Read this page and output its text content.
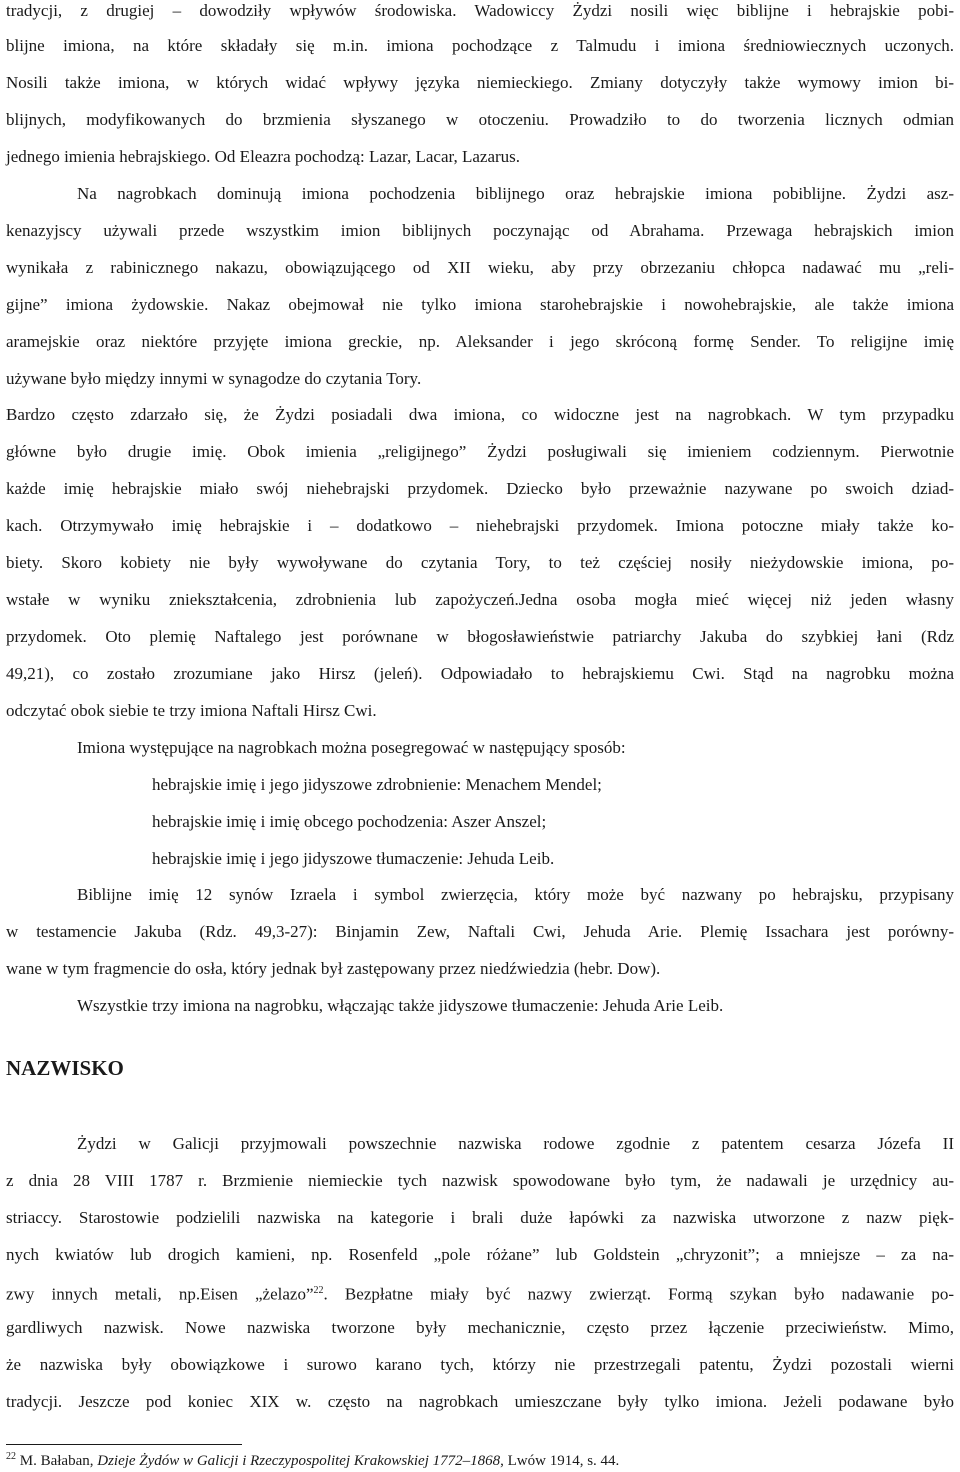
tradycji, z drugiej – dowodziły wpływów środowiska. Wadowiccy Żydzi nosili więc biblijne i hebrajskie pobi-
blijne imiona, na które składały się m.in. imiona pochodzące z Talmudu i imiona średniowiecznych uczonych.
Nosili także imiona, w których widać wpływy języka niemieckiego. Zmiany dotyczyły także wymowy imion bi-
blijnych, modyfikowanych do brzmienia słyszanego w otoczeniu. Prowadziło to do tworzenia licznych odmian
jednego imienia hebrajskiego. Od Eleazra pochodzą: Lazar, Lacar, Lazarus.
Na nagrobkach dominują imiona pochodzenia biblijnego oraz hebrajskie imiona pobiblijne. Żydzi asz-
kenazyjscy używali przede wszystkim imion biblijnych poczynając od Abrahama. Przewaga hebrajskich imion
wynikała z rabinicznego nakazu, obowiązującego od XII wieku, aby przy obrzezaniu chłopca nadawać mu „reli-
gijne” imiona żydowskie. Nakaz obejmował nie tylko imiona starohebrajskie i nowohebrajskie, ale także imiona
aramejskie oraz niektóre przyjęte imiona greckie, np. Aleksander i jego skróconą formę Sender. To religijne imię
używane było między innymi w synagodze do czytania Tory.
Bardzo często zdarzało się, że Żydzi posiadali dwa imiona, co widoczne jest na nagrobkach. W tym przypadku
główne było drugie imię. Obok imienia „religijnego” Żydzi posługiwali się imieniem codziennym. Pierwotnie
każde imię hebrajskie miało swój niehebrajski przydomek. Dziecko było przeważnie nazywane po swoich dziad-
kach. Otrzymywało imię hebrajskie i – dodatkowo – niehebrajski przydomek. Imiona potoczne miały także ko-
biety. Skoro kobiety nie były wywoływane do czytania Tory, to też częściej nosiły nieżydowskie imiona, po-
wstałe w wyniku zniekształcenia, zdrobnienia lub zapożyczeń.Jedna osoba mogła mieć więcej niż jeden własny
przydomek. Oto plemię Naftalego jest porównane w błogosławieństwie patriarchy Jakuba do szybkiej łani (Rdz
49,21), co zostało zrozumiane jako Hirsz (jeleń). Odpowiadało to hebrajskiemu Cwi. Stąd na nagrobku można
odczytać obok siebie te trzy imiona Naftali Hirsz Cwi.
Imiona występujące na nagrobkach można posegregować w następujący sposób:
hebrajskie imię i jego jidyszowe zdrobnienie: Menachem Mendel;
hebrajskie imię i imię obcego pochodzenia: Aszer Anszel;
hebrajskie imię i jego jidyszowe tłumaczenie: Jehuda Leib.
Biblijne imię 12 synów Izraela i symbol zwierzęcia, który może być nazwany po hebrajsku, przypisany
w testamencie Jakuba (Rdz. 49,3-27): Binjamin Zew, Naftali Cwi, Jehuda Arie. Plemię Issachara jest porówny-
wane w tym fragmencie do osła, który jednak był zastępowany przez niedźwiedzia (hebr. Dow).
Wszystkie trzy imiona na nagrobku, włączając także jidyszowe tłumaczenie: Jehuda Arie Leib.
NAZWISKO
Żydzi w Galicji przyjmowali powszechnie nazwiska rodowe zgodnie z patentem cesarza Józefa II
z dnia 28 VIII 1787 r. Brzmienie niemieckie tych nazwisk spowodowane było tym, że nadawali je urzędnicy au-
striaccy. Starostowie podzielili nazwiska na kategorie i brali duże łapówki za nazwiska utworzone z nazw pięk-
nych kwiatów lub drogich kamieni, np. Rosenfeld „pole różane” lub Goldstein „chryzonit”; a mniejsze – za na-
zwy innych metali, np.Eisen „żelazo”$^{22}$. Bezpłatne miały być nazwy zwierząt. Formą szykan było nadawanie po-
gardliwych nazwisk. Nowe nazwiska tworzone były mechanicznie, często przez łączenie przeciwieństw. Mimo,
że nazwiska były obowiązkowe i surowo karano tych, którzy nie przestrzegali patentu, Żydzi pozostali wierni
tradycji. Jeszcze pod koniec XIX w. często na nagrobkach umieszczane były tylko imiona. Jeżeli podawane było
$^{22}$ M. Bałaban, Dzieje Żydów w Galicji i Rzeczypospolitej Krakowskiej 1772–1868, Lwów 1914, s. 44.
